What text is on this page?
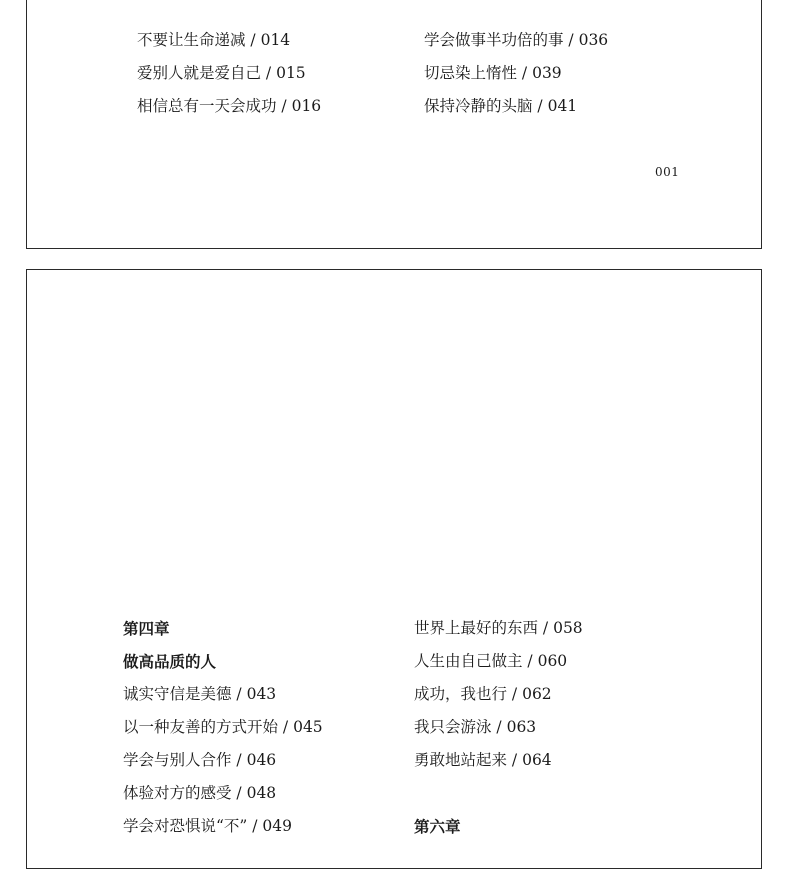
不要让生命递减 / 014
爱别人就是爱自己 / 015
相信总有一天会成功 / 016
学会做事半功倍的事 / 036
切忌染上惰性 / 039
保持冷静的头脑 / 041
001
第四章
做高品质的人
诚实守信是美德 / 043
以一种友善的方式开始 / 045
学会与别人合作 / 046
体验对方的感受 / 048
学会对恐惧说“不” / 049
世界上最好的东西 / 058
人生由自己做主 / 060
成功，我也行 / 062
我只会游泳 / 063
勇敢地站起来 / 064
第六章
